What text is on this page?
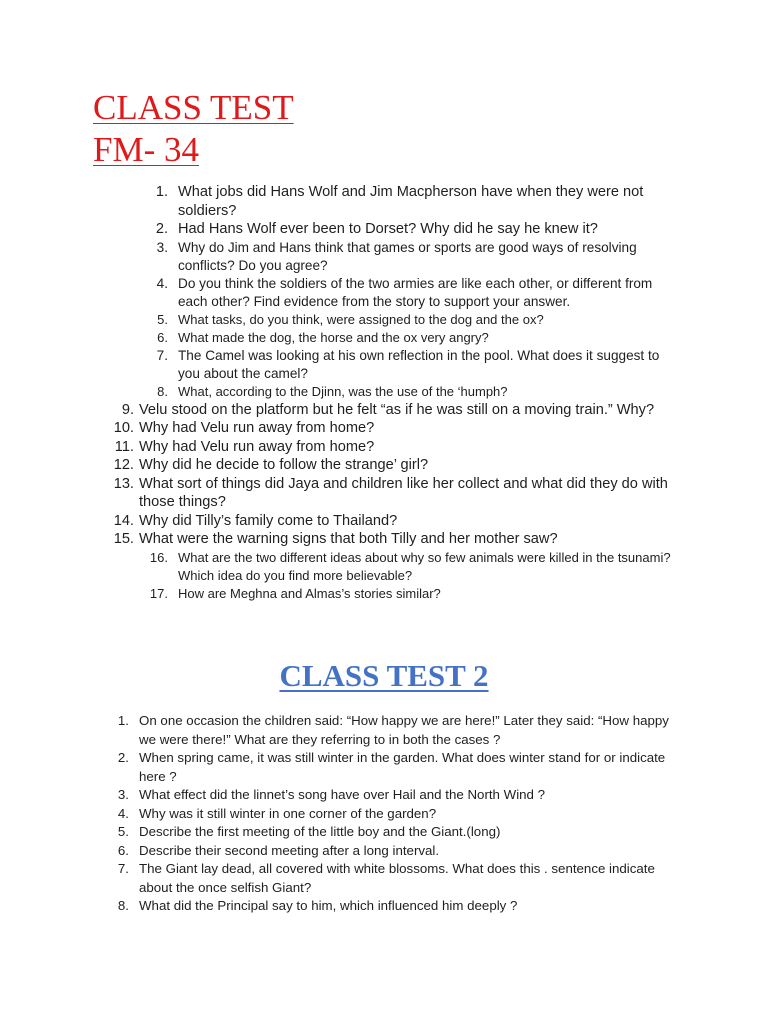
CLASS TEST
FM- 34
1. What jobs did Hans Wolf and Jim Macpherson have when they were not soldiers?
2. Had Hans Wolf ever been to Dorset? Why did he say he knew it?
3. Why do Jim and Hans think that games or sports are good ways of resolving conflicts? Do you agree?
4. Do you think the soldiers of the two armies are like each other, or different from each other? Find evidence from the story to support your answer.
5. What tasks, do you think, were assigned to the dog and the ox?
6. What made the dog, the horse and the ox very angry?
7. The Camel was looking at his own reflection in the pool. What does it suggest to you about the camel?
8. What, according to the Djinn, was the use of the ‘humph?
9. Velu stood on the platform but he felt “as if he was still on a moving train.” Why?
10. Why had Velu run away from home?
11. Why had Velu run away from home?
12. Why did he decide to follow the strange’ girl?
13. What sort of things did Jaya and children like her collect and what did they do with those things?
14. Why did Tilly’s family come to Thailand?
15. What were the warning signs that both Tilly and her mother saw?
16. What are the two different ideas about why so few animals were killed in the tsunami? Which idea do you find more believable?
17. How are Meghna and Almas’s stories similar?
CLASS TEST 2
1. On one occasion the children said: “How happy we are here!” Later they said: “How happy we were there!” What are they referring to in both the cases ?
2. When spring came, it was still winter in the garden. What does winter stand for or indicate here ?
3. What effect did the linnet’s song have over Hail and the North Wind ?
4. Why was it still winter in one corner of the garden?
5. Describe the first meeting of the little boy and the Giant.(long)
6. Describe their second meeting after a long interval.
7. The Giant lay dead, all covered with white blossoms. What does this . sentence indicate about the once selfish Giant?
8. What did the Principal say to him, which influenced him deeply ?
